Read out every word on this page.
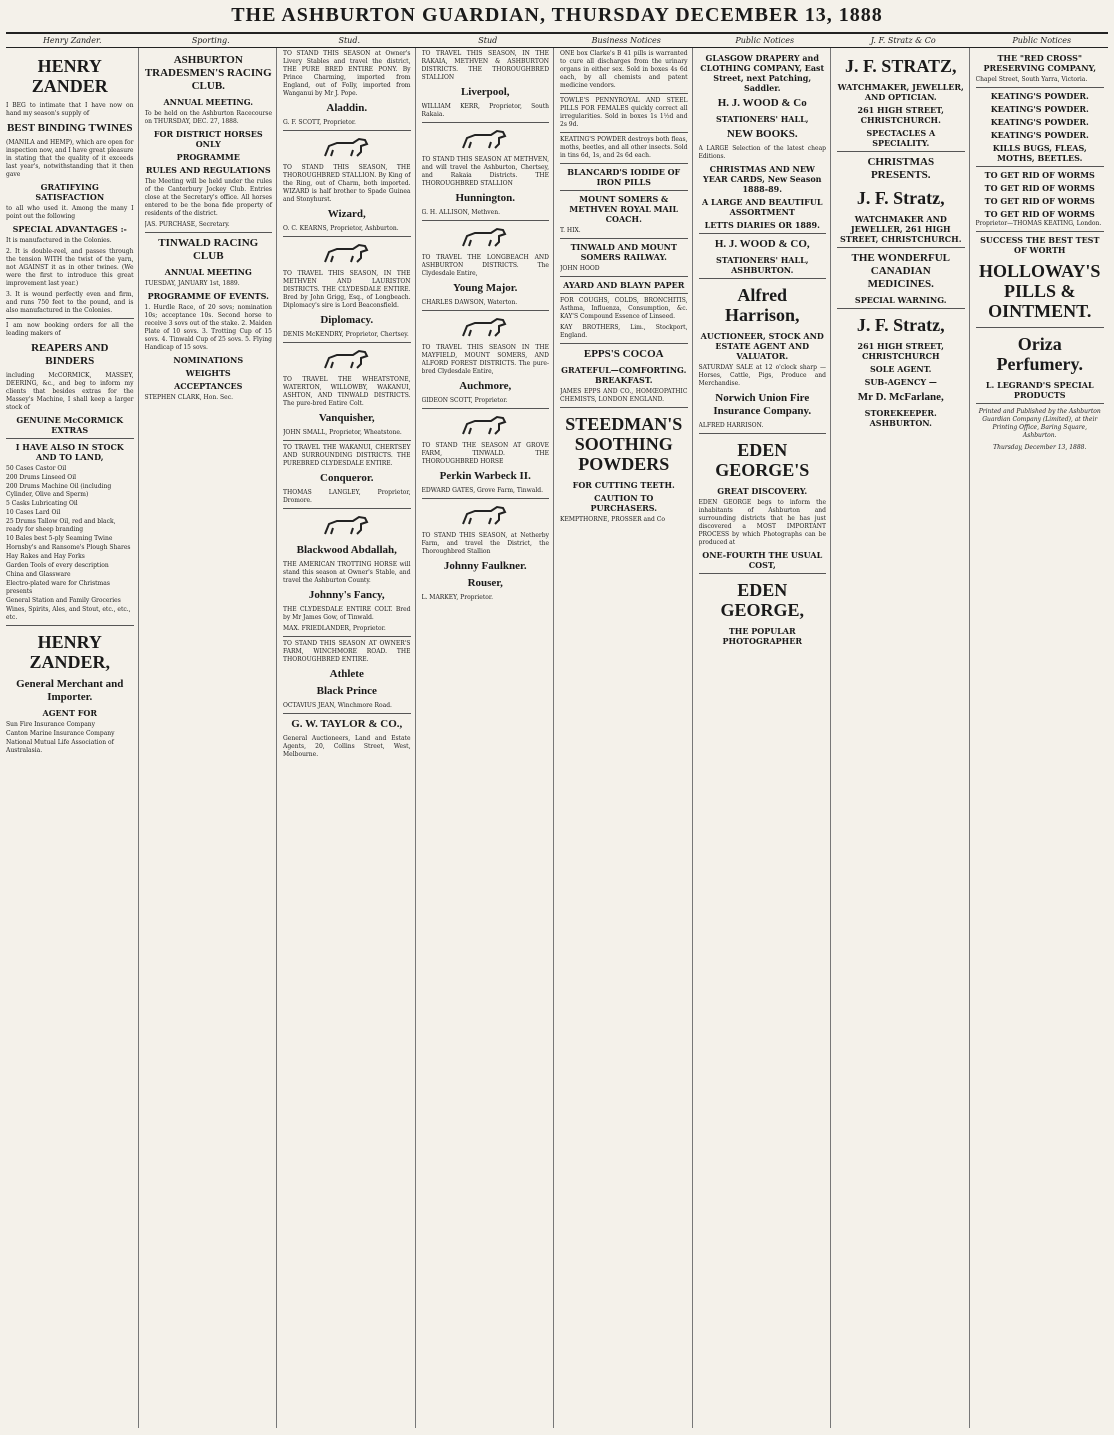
THE ASHBURTON GUARDIAN, THURSDAY DECEMBER 13, 1888
Henry Zander.	Sporting.	Stud.	Stud	Business Notices	Public Notices	J. F. Stratz & Co	Public Notices
HENRY ZANDER
I BEG to intimate that I have now on hand my season's supply of
BEST BINDING TWINES
(MANILA and HEMP), which are open for inspection now, and I have great pleasure in stating that the quality of it exceeds last year's, notwithstanding that it then gave
GRATIFYING SATISFACTION
to all who used it. Among the many I point out the following
SPECIAL ADVANTAGES :-
It is manufactured in the Colonies.
2. It is double-reel, and passes through the tension WITH the twist of the yarn, not AGAINST it as in other twines. (We were the first to introduce this great improvement last year.)
3. It is wound perfectly even and firm, and runs 750 feet to the pound, and is also manufactured in the Colonies.
I am now booking orders for all the leading makers of
REAPERS AND BINDERS
including McCORMICK, MASSEY, DEERING, &c., and beg to inform my clients that besides extras for the Massey's Machine, I shall keep a larger stock of
GENUINE McCORMICK EXTRAS
I HAVE ALSO IN STOCK AND TO LAND,
50 Cases Castor Oil
200 Drums Linseed Oil
200 Drums Machine Oil (including Cylinder, Olive and Sperm)
5 Casks Lubricating Oil
10 Cases Lard Oil
25 Drums Tallow Oil, red and black, ready for sheep branding
10 Bales best 5-ply Seaming Twine
Hornsby's and Ransome's Plough Shares
Hay Rakes and Hay Forks
Garden Tools of every description
China and Glassware
Electro-plated ware for Christmas presents
General Station and Family Groceries
Wines, Spirits, Ales, and Stout, etc., etc., etc.
HENRY ZANDER,
General Merchant and Importer.
AGENT FOR
Sun Fire Insurance Company
Canton Marine Insurance Company
National Mutual Life Association of Australasia.
ASHBURTON TRADESMEN'S RACING CLUB.
ANNUAL MEETING.
To be held on the Ashburton Racecourse on THURSDAY, DEC. 27, 1888.
FOR DISTRICT HORSES ONLY
PROGRAMME
RULES AND REGULATIONS
The Meeting will be held under the rules of the Canterbury Jockey Club. Entries close at the Secretary's office. All horses entered to be the bona fide property of residents of the district.
JAS. PURCHASE, Secretary.
TINWALD RACING CLUB
ANNUAL MEETING
TUESDAY, JANUARY 1st, 1889.
PROGRAMME OF EVENTS.
1. Hurdle Race, of 20 sovs; nomination 10s; acceptance 10s. Second horse to receive 3 sovs out of the stake. 2. Maiden Plate of 10 sovs. 3. Trotting Cup of 15 sovs. 4. Tinwald Cup of 25 sovs. 5. Flying Handicap of 15 sovs.
NOMINATIONS
WEIGHTS
ACCEPTANCES
STEPHEN CLARK, Hon. Sec.
TO STAND THIS SEASON at Owner's Livery Stables and travel the district, THE PURE BRED ENTIRE PONY. By Prince Charming, imported from England, out of Folly, imported from Wanganui by Mr J. Pope.
Aladdin.
G. F. SCOTT, Proprietor.
TO STAND THIS SEASON, THE THOROUGHBRED STALLION. By King of the Ring, out of Charm, both imported. WIZARD is half brother to Spade Guinea and Stonyhurst.
Wizard,
O. C. KEARNS, Proprietor, Ashburton.
TO TRAVEL THIS SEASON, IN THE METHVEN AND LAURISTON DISTRICTS. THE CLYDESDALE ENTIRE. Bred by John Grigg, Esq., of Longbeach. Diplomacy's sire is Lord Beaconsfield.
Diplomacy.
DENIS McKENDRY, Proprietor, Chertsey.
TO TRAVEL THE WHEATSTONE, WATERTON, WILLOWBY, WAKANUI, ASHTON, AND TINWALD DISTRICTS. The pure-bred Entire Colt.
Vanquisher,
JOHN SMALL, Proprietor, Wheatstone.
TO TRAVEL THE WAKANUI, CHERTSEY AND SURROUNDING DISTRICTS. THE PUREBRED CLYDESDALE ENTIRE.
Conqueror.
THOMAS LANGLEY, Proprietor, Dromore.
Blackwood Abdallah,
THE AMERICAN TROTTING HORSE will stand this season at Owner's Stable, and travel the Ashburton County.
Johnny's Fancy,
THE CLYDESDALE ENTIRE COLT. Bred by Mr James Gow, of Tinwald.
MAX. FRIEDLANDER, Proprietor.
TO STAND THIS SEASON AT OWNER'S FARM, WINCHMORE ROAD. THE THOROUGHBRED ENTIRE.
Athlete
Black Prince
OCTAVIUS JEAN, Winchmore Road.
G. W. TAYLOR & CO.,
General Auctioneers, Land and Estate Agents, 20, Collins Street, West, Melbourne.
TO TRAVEL THIS SEASON, IN THE RAKAIA, METHVEN & ASHBURTON DISTRICTS. THE THOROUGHBRED STALLION
Liverpool,
WILLIAM KERR, Proprietor, South Rakaia.
TO STAND THIS SEASON AT METHVEN, and will travel the Ashburton, Chertsey, and Rakaia Districts. THE THOROUGHBRED STALLION
Hunnington.
G. H. ALLISON, Methven.
TO TRAVEL THE LONGBEACH AND ASHBURTON DISTRICTS. The Clydesdale Entire,
Young Major.
CHARLES DAWSON, Waterton.
TO TRAVEL THIS SEASON IN THE MAYFIELD, MOUNT SOMERS, AND ALFORD FOREST DISTRICTS. The pure-bred Clydesdale Entire,
Auchmore,
GIDEON SCOTT, Proprietor.
TO STAND THE SEASON AT GROVE FARM, TINWALD. THE THOROUGHBRED HORSE
Perkin Warbeck II.
EDWARD GATES, Grove Farm, Tinwald.
TO STAND THIS SEASON, at Netherby Farm, and travel the District, the Thoroughbred Stallion
Johnny Faulkner.
Rouser,
L. MARKEY, Proprietor.
ONE box Clarke's B 41 pills is warranted to cure all discharges from the urinary organs in either sex. Sold in boxes 4s 6d each, by all chemists and patent medicine vendors.
TOWLE'S PENNYROYAL AND STEEL PILLS FOR FEMALES quickly correct all irregularities. Sold in boxes 1s 1½d and 2s 9d.
KEATING'S POWDER destroys both fleas, moths, beetles, and all other insects. Sold in tins 6d, 1s, and 2s 6d each.
BLANCARD'S IODIDE OF IRON PILLS
MOUNT SOMERS & METHVEN ROYAL MAIL COACH.
T. HIX.
TINWALD AND MOUNT SOMERS RAILWAY.
JOHN HOOD
AYARD AND BLAYN PAPER
FOR COUGHS, COLDS, BRONCHITIS, Asthma, Influenza, Consumption, &c. KAY'S Compound Essence of Linseed.
KAY BROTHERS, Lim., Stockport, England.
EPPS'S COCOA
GRATEFUL—COMFORTING. BREAKFAST.
JAMES EPPS AND CO., HOMŒOPATHIC CHEMISTS, LONDON ENGLAND.
STEEDMAN'S SOOTHING POWDERS
FOR CUTTING TEETH.
CAUTION TO PURCHASERS.
KEMPTHORNE, PROSSER and Co
GLASGOW DRAPERY and CLOTHING COMPANY, East Street, next Patching, Saddler.
H. J. WOOD & Co
STATIONERS' HALL,
NEW BOOKS.
A LARGE Selection of the latest cheap Editions.
CHRISTMAS AND NEW YEAR CARDS, New Season 1888-89.
A LARGE AND BEAUTIFUL ASSORTMENT
LETTS DIARIES OR 1889.
H. J. WOOD & CO,
STATIONERS' HALL, ASHBURTON.
Alfred Harrison,
AUCTIONEER, STOCK AND ESTATE AGENT AND VALUATOR.
SATURDAY SALE at 12 o'clock sharp — Horses, Cattle, Pigs, Produce and Merchandise.
Norwich Union Fire Insurance Company.
ALFRED HARRISON.
EDEN GEORGE'S
GREAT DISCOVERY.
EDEN GEORGE begs to inform the inhabitants of Ashburton and surrounding districts that he has just discovered a MOST IMPORTANT PROCESS by which Photographs can be produced at
ONE-FOURTH THE USUAL COST,
EDEN GEORGE,
THE POPULAR PHOTOGRAPHER
J. F. STRATZ,
WATCHMAKER, JEWELLER, AND OPTICIAN.
261 HIGH STREET, CHRISTCHURCH.
SPECTACLES A SPECIALITY.
CHRISTMAS PRESENTS.
J. F. Stratz,
WATCHMAKER AND JEWELLER, 261 HIGH STREET, CHRISTCHURCH.
THE WONDERFUL CANADIAN MEDICINES.
SPECIAL WARNING.
J. F. Stratz,
261 HIGH STREET, CHRISTCHURCH
SOLE AGENT.
SUB-AGENCY —
Mr D. McFarlane,
STOREKEEPER. ASHBURTON.
THE "RED CROSS" PRESERVING COMPANY,
Chapel Street, South Yarra, Victoria.
KEATING'S POWDER.
KEATING'S POWDER.
KEATING'S POWDER.
KEATING'S POWDER.
KILLS BUGS, FLEAS, MOTHS, BEETLES.
TO GET RID OF WORMS
TO GET RID OF WORMS
TO GET RID OF WORMS
TO GET RID OF WORMS
Proprietor—THOMAS KEATING, London.
SUCCESS THE BEST TEST OF WORTH
HOLLOWAY'S PILLS & OINTMENT.
Oriza Perfumery.
L. LEGRAND'S SPECIAL PRODUCTS
Printed and Published by the Ashburton Guardian Company (Limited), at their Printing Office, Baring Square, Ashburton.
Thursday, December 13, 1888.
